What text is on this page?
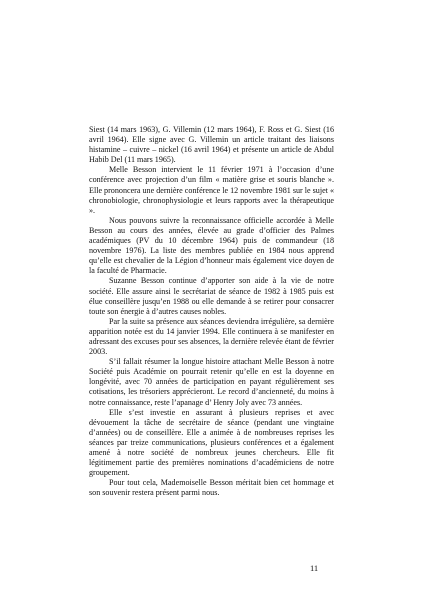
Siest (14 mars 1963), G. Villemin (12 mars 1964), F. Ross et G. Siest (16 avril 1964). Elle signe avec G. Villemin un article traitant des liaisons histamine – cuivre – nickel (16 avril 1964) et présente un article de Abdul Habib Del (11 mars 1965).

Melle Besson intervient le 11 février 1971 à l’occasion d’une conférence avec projection d’un film « matière grise et souris blanche ». Elle prononcera une dernière conférence le 12 novembre 1981 sur le sujet « chronobiologie, chronophysiologie et leurs rapports avec la thérapeutique ».

Nous pouvons suivre la reconnaissance officielle accordée à Melle Besson au cours des années, élevée au grade d’officier des Palmes académiques (PV du 10 décembre 1964) puis de commandeur (18 novembre 1976). La liste des membres publiée en 1984 nous apprend qu’elle est chevalier de la Légion d’honneur mais également vice doyen de la faculté de Pharmacie.

Suzanne Besson continue d’apporter son aide à la vie de notre société. Elle assure ainsi le secrétariat de séance de 1982 à 1985 puis est élue conseillère jusqu’en 1988 ou elle demande à se retirer pour consacrer toute son énergie à d’autres causes nobles.

Par la suite sa présence aux séances deviendra irrégulière, sa dernière apparition notée est du 14 janvier 1994. Elle continuera à se manifester en adressant des excuses pour ses absences, la dernière relevée étant de février 2003.

S’il fallait résumer la longue histoire attachant Melle Besson à notre Société puis Académie on pourrait retenir qu’elle en est la doyenne en longévité, avec 70 années de participation en payant régulièrement ses cotisations, les trésoriers apprécieront. Le record d’ancienneté, du moins à notre connaissance, reste l’apanage d’ Henry Joly avec 73 années.

Elle s’est investie en assurant à plusieurs reprises et avec dévouement la tâche de secrétaire de séance (pendant une vingtaine d’années) ou de conseillère. Elle a animée à de nombreuses reprises les séances par treize communications, plusieurs conférences et a également amené à notre société de nombreux jeunes chercheurs. Elle fit légitimement partie des premières nominations d’académiciens de notre groupement.

Pour tout cela, Mademoiselle Besson méritait bien cet hommage et son souvenir restera présent parmi nous.

11
